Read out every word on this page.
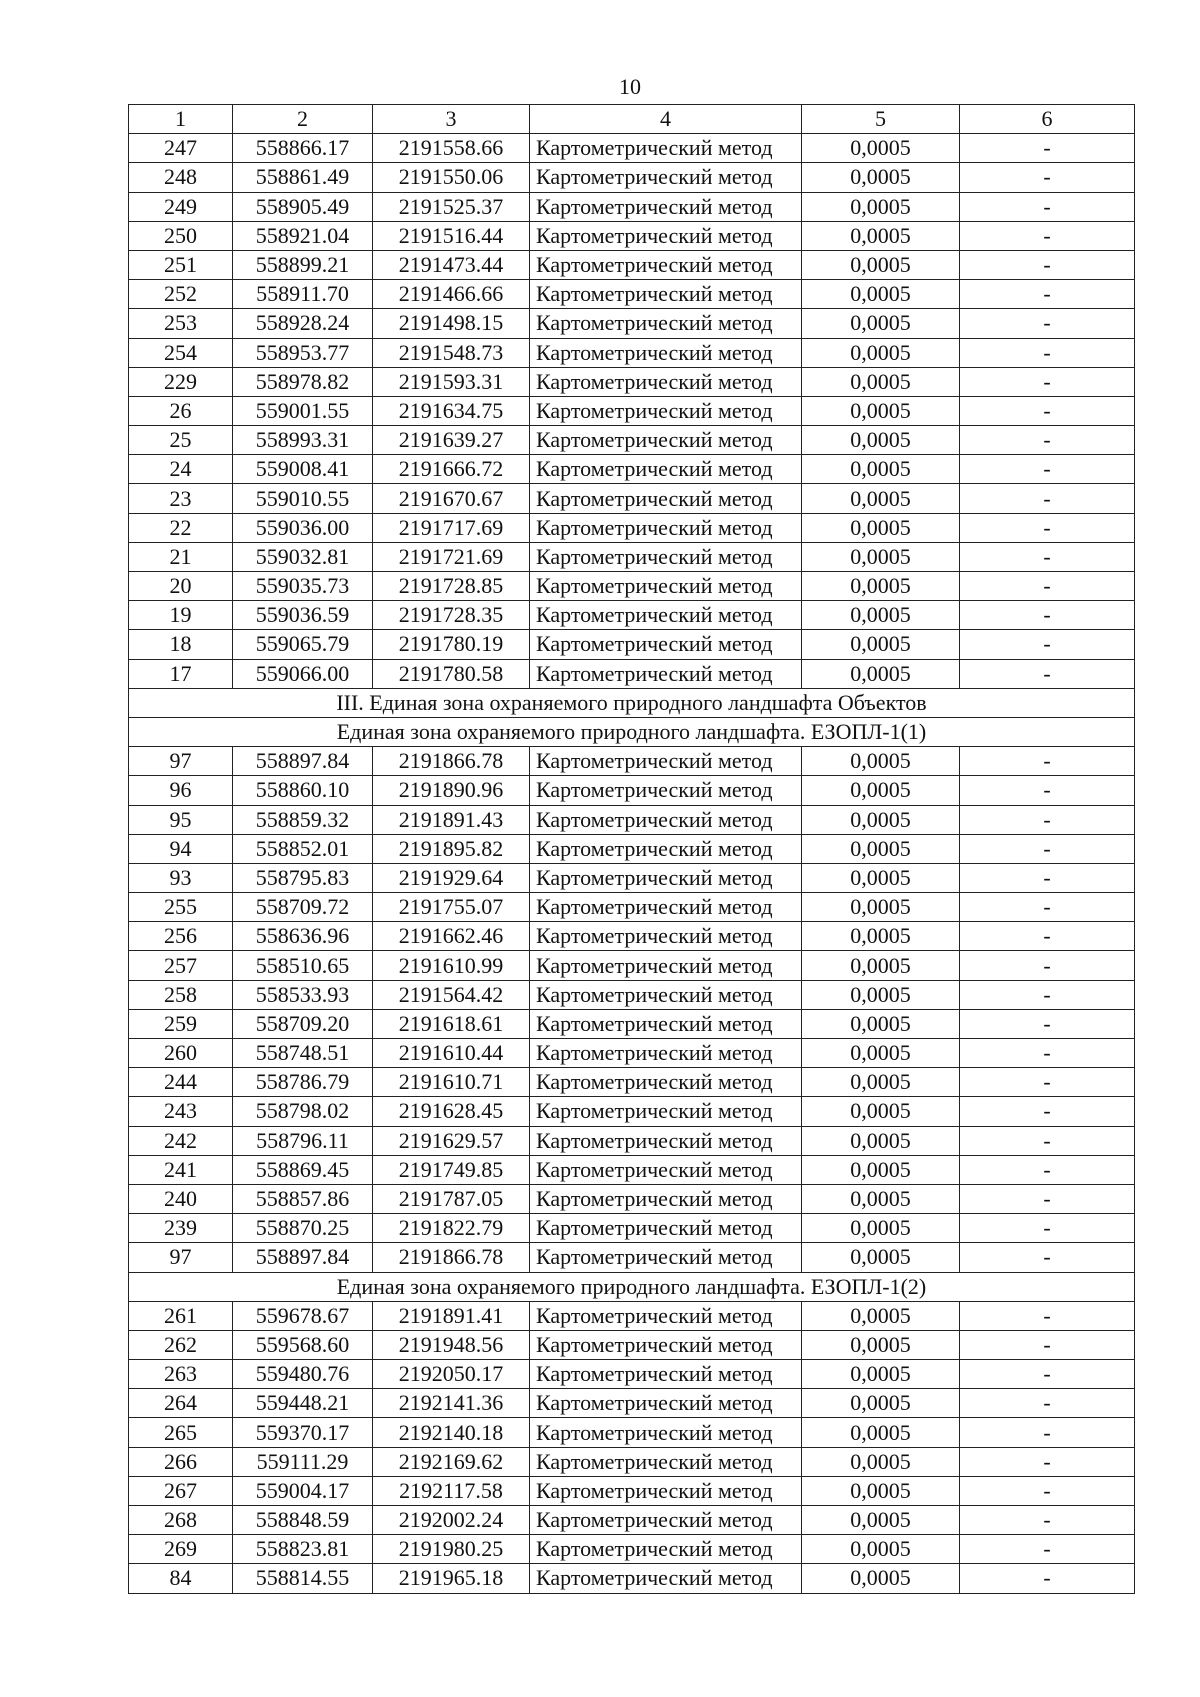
10
1	2	3	4	5	6
247	558866.17	2191558.66	Картометрический метод	0,0005	-
248	558861.49	2191550.06	Картометрический метод	0,0005	-
249	558905.49	2191525.37	Картометрический метод	0,0005	-
250	558921.04	2191516.44	Картометрический метод	0,0005	-
251	558899.21	2191473.44	Картометрический метод	0,0005	-
252	558911.70	2191466.66	Картометрический метод	0,0005	-
253	558928.24	2191498.15	Картометрический метод	0,0005	-
254	558953.77	2191548.73	Картометрический метод	0,0005	-
229	558978.82	2191593.31	Картометрический метод	0,0005	-
26	559001.55	2191634.75	Картометрический метод	0,0005	-
25	558993.31	2191639.27	Картометрический метод	0,0005	-
24	559008.41	2191666.72	Картометрический метод	0,0005	-
23	559010.55	2191670.67	Картометрический метод	0,0005	-
22	559036.00	2191717.69	Картометрический метод	0,0005	-
21	559032.81	2191721.69	Картометрический метод	0,0005	-
20	559035.73	2191728.85	Картометрический метод	0,0005	-
19	559036.59	2191728.35	Картометрический метод	0,0005	-
18	559065.79	2191780.19	Картометрический метод	0,0005	-
17	559066.00	2191780.58	Картометрический метод	0,0005	-
III. Единая зона охраняемого природного ландшафта Объектов					
Единая зона охраняемого природного ландшафта. ЕЗОПЛ-1(1)					
97	558897.84	2191866.78	Картометрический метод	0,0005	-
96	558860.10	2191890.96	Картометрический метод	0,0005	-
95	558859.32	2191891.43	Картометрический метод	0,0005	-
94	558852.01	2191895.82	Картометрический метод	0,0005	-
93	558795.83	2191929.64	Картометрический метод	0,0005	-
255	558709.72	2191755.07	Картометрический метод	0,0005	-
256	558636.96	2191662.46	Картометрический метод	0,0005	-
257	558510.65	2191610.99	Картометрический метод	0,0005	-
258	558533.93	2191564.42	Картометрический метод	0,0005	-
259	558709.20	2191618.61	Картометрический метод	0,0005	-
260	558748.51	2191610.44	Картометрический метод	0,0005	-
244	558786.79	2191610.71	Картометрический метод	0,0005	-
243	558798.02	2191628.45	Картометрический метод	0,0005	-
242	558796.11	2191629.57	Картометрический метод	0,0005	-
241	558869.45	2191749.85	Картометрический метод	0,0005	-
240	558857.86	2191787.05	Картометрический метод	0,0005	-
239	558870.25	2191822.79	Картометрический метод	0,0005	-
97	558897.84	2191866.78	Картометрический метод	0,0005	-
Единая зона охраняемого природного ландшафта. ЕЗОПЛ-1(2)					
261	559678.67	2191891.41	Картометрический метод	0,0005	-
262	559568.60	2191948.56	Картометрический метод	0,0005	-
263	559480.76	2192050.17	Картометрический метод	0,0005	-
264	559448.21	2192141.36	Картометрический метод	0,0005	-
265	559370.17	2192140.18	Картометрический метод	0,0005	-
266	559111.29	2192169.62	Картометрический метод	0,0005	-
267	559004.17	2192117.58	Картометрический метод	0,0005	-
268	558848.59	2192002.24	Картометрический метод	0,0005	-
269	558823.81	2191980.25	Картометрический метод	0,0005	-
84	558814.55	2191965.18	Картометрический метод	0,0005	-
